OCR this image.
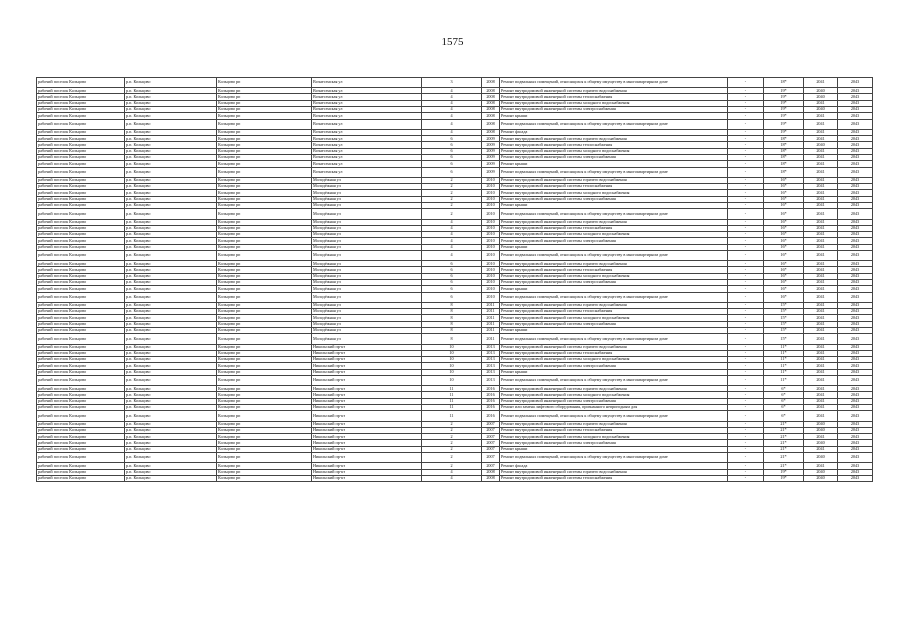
1575
рабочий поселок Кольцово	р.п. Кольцово	Кольцово рп	Вознесенская ул	3	2008	Ремонт подвальных помещений, относящихся к общему имуществу в многоквартирном доме	-	18*	2041	2043
рабочий поселок Кольцово	р.п. Кольцово	Кольцово рп	Вознесенская ул	4	2008	Ремонт внутридомовой инженерной системы горячего водоснабжения	-	19*	2040	2043
рабочий поселок Кольцово	р.п. Кольцово	Кольцово рп	Вознесенская ул	4	2008	Ремонт внутридомовой инженерной системы теплоснабжения	-	19*	2040	2043
рабочий поселок Кольцово	р.п. Кольцово	Кольцово рп	Вознесенская ул	4	2008	Ремонт внутридомовой инженерной системы холодного водоснабжения	-	19*	2041	2043
рабочий поселок Кольцово	р.п. Кольцово	Кольцово рп	Вознесенская ул	4	2008	Ремонт внутридомовой инженерной системы электроснабжения	-	19*	2040	2043
рабочий поселок Кольцово	р.п. Кольцово	Кольцово рп	Вознесенская ул	4	2008	Ремонт крыши	-	19*	2041	2043
рабочий поселок Кольцово	р.п. Кольцово	Кольцово рп	Вознесенская ул	4	2008	Ремонт подвальных помещений, относящихся к общему имуществу в многоквартирном доме	-	19*	2041	2043
рабочий поселок Кольцово	р.п. Кольцово	Кольцово рп	Вознесенская ул	4	2008	Ремонт фасада	-	19*	2041	2043
рабочий поселок Кольцово	р.п. Кольцово	Кольцово рп	Вознесенская ул	6	2009	Ремонт внутридомовой инженерной системы горячего водоснабжения	-	18*	2041	2043
рабочий поселок Кольцово	р.п. Кольцово	Кольцово рп	Вознесенская ул	6	2009	Ремонт внутридомовой инженерной системы теплоснабжения	-	18*	2040	2043
рабочий поселок Кольцово	р.п. Кольцово	Кольцово рп	Вознесенская ул	6	2009	Ремонт внутридомовой инженерной системы холодного водоснабжения	-	18*	2041	2043
рабочий поселок Кольцово	р.п. Кольцово	Кольцово рп	Вознесенская ул	6	2009	Ремонт внутридомовой инженерной системы электроснабжения	-	18*	2041	2043
рабочий поселок Кольцово	р.п. Кольцово	Кольцово рп	Вознесенская ул	6	2009	Ремонт крыши	-	18*	2041	2043
рабочий поселок Кольцово	р.п. Кольцово	Кольцово рп	Вознесенская ул	6	2009	Ремонт подвальных помещений, относящихся к общему имуществу в многоквартирном доме	-	18*	2041	2043
рабочий поселок Кольцово	р.п. Кольцово	Кольцово рп	Молодёжная ул	2	2010	Ремонт внутридомовой инженерной системы горячего водоснабжения	-	16*	2041	2043
рабочий поселок Кольцово	р.п. Кольцово	Кольцово рп	Молодёжная ул	2	2010	Ремонт внутридомовой инженерной системы теплоснабжения	-	16*	2041	2043
рабочий поселок Кольцово	р.п. Кольцово	Кольцово рп	Молодёжная ул	2	2010	Ремонт внутридомовой инженерной системы холодного водоснабжения	-	16*	2041	2043
рабочий поселок Кольцово	р.п. Кольцово	Кольцово рп	Молодёжная ул	2	2010	Ремонт внутридомовой инженерной системы электроснабжения	-	16*	2041	2043
рабочий поселок Кольцово	р.п. Кольцово	Кольцово рп	Молодёжная ул	2	2010	Ремонт крыши	-	16*	2041	2043
рабочий поселок Кольцово	р.п. Кольцово	Кольцово рп	Молодёжная ул	2	2010	Ремонт подвальных помещений, относящихся к общему имуществу в многоквартирном доме	-	16*	2041	2043
рабочий поселок Кольцово	р.п. Кольцово	Кольцово рп	Молодёжная ул	4	2010	Ремонт внутридомовой инженерной системы горячего водоснабжения	-	16*	2041	2043
рабочий поселок Кольцово	р.п. Кольцово	Кольцово рп	Молодёжная ул	4	2010	Ремонт внутридомовой инженерной системы теплоснабжения	-	16*	2041	2043
рабочий поселок Кольцово	р.п. Кольцово	Кольцово рп	Молодёжная ул	4	2010	Ремонт внутридомовой инженерной системы холодного водоснабжения	-	16*	2041	2043
рабочий поселок Кольцово	р.п. Кольцово	Кольцово рп	Молодёжная ул	4	2010	Ремонт внутридомовой инженерной системы электроснабжения	-	16*	2041	2043
рабочий поселок Кольцово	р.п. Кольцово	Кольцово рп	Молодёжная ул	4	2010	Ремонт крыши	-	16*	2041	2043
рабочий поселок Кольцово	р.п. Кольцово	Кольцово рп	Молодёжная ул	4	2010	Ремонт подвальных помещений, относящихся к общему имуществу в многоквартирном доме	-	16*	2041	2043
рабочий поселок Кольцово	р.п. Кольцово	Кольцово рп	Молодёжная ул	6	2010	Ремонт внутридомовой инженерной системы горячего водоснабжения	-	16*	2041	2043
рабочий поселок Кольцово	р.п. Кольцово	Кольцово рп	Молодёжная ул	6	2010	Ремонт внутридомовой инженерной системы теплоснабжения	-	16*	2041	2043
рабочий поселок Кольцово	р.п. Кольцово	Кольцово рп	Молодёжная ул	6	2010	Ремонт внутридомовой инженерной системы холодного водоснабжения	-	16*	2041	2043
рабочий поселок Кольцово	р.п. Кольцово	Кольцово рп	Молодёжная ул	6	2010	Ремонт внутридомовой инженерной системы электроснабжения	-	16*	2041	2043
рабочий поселок Кольцово	р.п. Кольцово	Кольцово рп	Молодёжная ул	6	2010	Ремонт крыши	-	16*	2041	2043
рабочий поселок Кольцово	р.п. Кольцово	Кольцово рп	Молодёжная ул	6	2010	Ремонт подвальных помещений, относящихся к общему имуществу в многоквартирном доме	-	16*	2041	2043
рабочий поселок Кольцово	р.п. Кольцово	Кольцово рп	Молодёжная ул	8	2011	Ремонт внутридомовой инженерной системы горячего водоснабжения	-	15*	2041	2043
рабочий поселок Кольцово	р.п. Кольцово	Кольцово рп	Молодёжная ул	8	2011	Ремонт внутридомовой инженерной системы теплоснабжения	-	15*	2041	2043
рабочий поселок Кольцово	р.п. Кольцово	Кольцово рп	Молодёжная ул	8	2011	Ремонт внутридомовой инженерной системы холодного водоснабжения	-	15*	2041	2043
рабочий поселок Кольцово	р.п. Кольцово	Кольцово рп	Молодёжная ул	8	2011	Ремонт внутридомовой инженерной системы электроснабжения	-	15*	2041	2043
рабочий поселок Кольцово	р.п. Кольцово	Кольцово рп	Молодёжная ул	8	2011	Ремонт крыши	-	15*	2041	2043
рабочий поселок Кольцово	р.п. Кольцово	Кольцово рп	Молодёжная ул	8	2011	Ремонт подвальных помещений, относящихся к общему имуществу в многоквартирном доме	-	15*	2041	2043
рабочий поселок Кольцово	р.п. Кольцово	Кольцово рп	Никольский пр-кт	10	2013	Ремонт внутридомовой инженерной системы горячего водоснабжения	-	11*	2041	2043
рабочий поселок Кольцово	р.п. Кольцово	Кольцово рп	Никольский пр-кт	10	2013	Ремонт внутридомовой инженерной системы теплоснабжения	-	11*	2041	2043
рабочий поселок Кольцово	р.п. Кольцово	Кольцово рп	Никольский пр-кт	10	2013	Ремонт внутридомовой инженерной системы холодного водоснабжения	-	11*	2041	2043
рабочий поселок Кольцово	р.п. Кольцово	Кольцово рп	Никольский пр-кт	10	2013	Ремонт внутридомовой инженерной системы электроснабжения	-	11*	2041	2043
рабочий поселок Кольцово	р.п. Кольцово	Кольцово рп	Никольский пр-кт	10	2013	Ремонт крыши	-	11*	2041	2043
рабочий поселок Кольцово	р.п. Кольцово	Кольцово рп	Никольский пр-кт	10	2013	Ремонт подвальных помещений, относящихся к общему имуществу в многоквартирном доме	-	11*	2041	2043
рабочий поселок Кольцово	р.п. Кольцово	Кольцово рп	Никольский пр-кт	11	2016	Ремонт внутридомовой инженерной системы горячего водоснабжения	-	6*	2041	2043
рабочий поселок Кольцово	р.п. Кольцово	Кольцово рп	Никольский пр-кт	11	2016	Ремонт внутридомовой инженерной системы холодного водоснабжения	-	6*	2041	2043
рабочий поселок Кольцово	р.п. Кольцово	Кольцово рп	Никольский пр-кт	11	2016	Ремонт внутридомовой инженерной системы электроснабжения	-	6*	2041	2043
рабочий поселок Кольцово	р.п. Кольцово	Кольцово рп	Никольский пр-кт	11	2016	Ремонт или замена лифтового оборудования, признанного непригодным для	-	6*	2041	2043
рабочий поселок Кольцово	р.п. Кольцово	Кольцово рп	Никольский пр-кт	11	2016	Ремонт подвальных помещений, относящихся к общему имуществу в многоквартирном доме	-	6*	2041	2043
рабочий поселок Кольцово	р.п. Кольцово	Кольцово рп	Никольский пр-кт	2	2007	Ремонт внутридомовой инженерной системы горячего водоснабжения	-	21*	2040	2043
рабочий поселок Кольцово	р.п. Кольцово	Кольцово рп	Никольский пр-кт	2	2007	Ремонт внутридомовой инженерной системы теплоснабжения	-	21*	2040	2043
рабочий поселок Кольцово	р.п. Кольцово	Кольцово рп	Никольский пр-кт	2	2007	Ремонт внутридомовой инженерной системы холодного водоснабжения	-	21*	2041	2043
рабочий поселок Кольцово	р.п. Кольцово	Кольцово рп	Никольский пр-кт	2	2007	Ремонт внутридомовой инженерной системы электроснабжения	-	21*	2040	2043
рабочий поселок Кольцово	р.п. Кольцово	Кольцово рп	Никольский пр-кт	2	2007	Ремонт крыши	-	21*	2041	2043
рабочий поселок Кольцово	р.п. Кольцово	Кольцово рп	Никольский пр-кт	2	2007	Ремонт подвальных помещений, относящихся к общему имуществу в многоквартирном доме	-	21*	2040	2043
рабочий поселок Кольцово	р.п. Кольцово	Кольцово рп	Никольский пр-кт	2	2007	Ремонт фасада	-	21*	2041	2043
рабочий поселок Кольцово	р.п. Кольцово	Кольцово рп	Никольский пр-кт	4	2008	Ремонт внутридомовой инженерной системы горячего водоснабжения	-	19*	2040	2043
рабочий поселок Кольцово	р.п. Кольцово	Кольцово рп	Никольский пр-кт	4	2008	Ремонт внутридомовой инженерной системы теплоснабжения	-	19*	2040	2043
